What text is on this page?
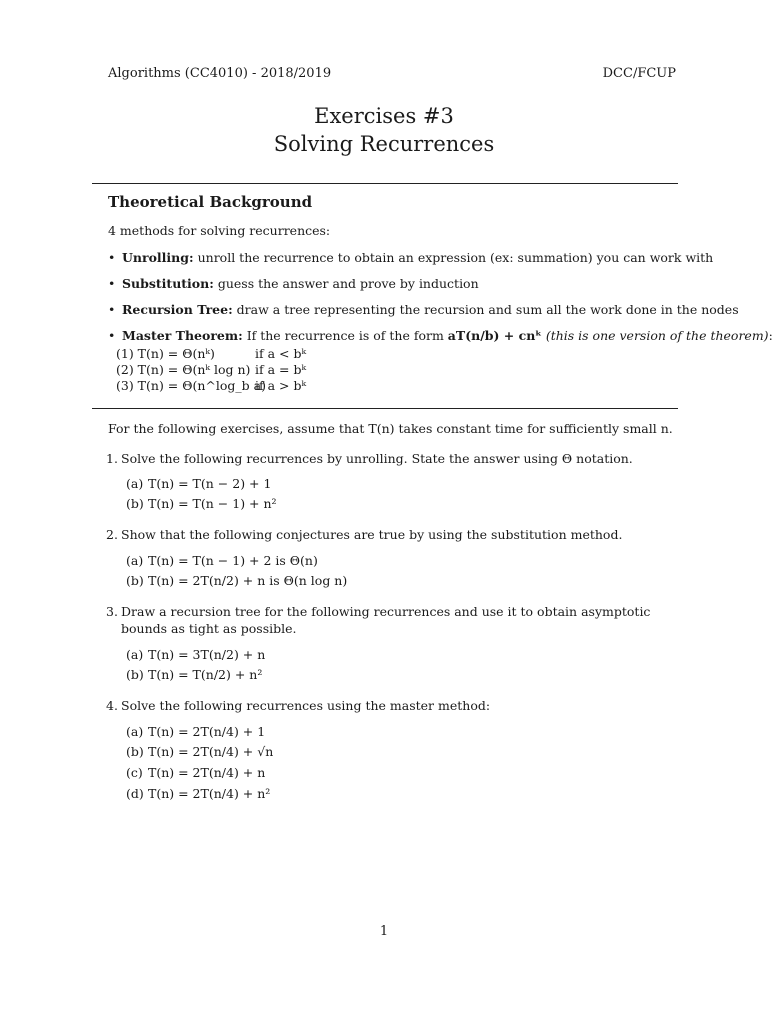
Algorithms (CC4010) - 2018/2019	DCC/FCUP
Exercises #3
Solving Recurrences
Theoretical Background
4 methods for solving recurrences:
• Unrolling: unroll the recurrence to obtain an expression (ex: summation) you can work with
• Substitution: guess the answer and prove by induction
• Recursion Tree: draw a tree representing the recursion and sum all the work done in the nodes
• Master Theorem: If the recurrence is of the form aT(n/b) + cnᵏ (this is one version of the theorem):
(1) T(n) = Θ(nᵏ)	if a < bᵏ
(2) T(n) = Θ(nᵏ log n) if a = bᵏ
(3) T(n) = Θ(n^log_b a)
if a > bᵏ
For the following exercises, assume that T(n) takes constant time for sufficiently small n.
1. Solve the following recurrences by unrolling. State the answer using Θ notation.
(a) T(n) = T(n − 2) + 1
(b) T(n) = T(n − 1) + n²
2. Show that the following conjectures are true by using the substitution method.
(a) T(n) = T(n − 1) + 2 is Θ(n)
(b) T(n) = 2T(n/2) + n is Θ(n log n)
3. Draw a recursion tree for the following recurrences and use it to obtain asymptotic bounds as tight as possible.
(a) T(n) = 3T(n/2) + n
(b) T(n) = T(n/2) + n²
4. Solve the following recurrences using the master method:
(a) T(n) = 2T(n/4) + 1
(b) T(n) = 2T(n/4) + √n
(c) T(n) = 2T(n/4) + n
(d) T(n) = 2T(n/4) + n²
1
